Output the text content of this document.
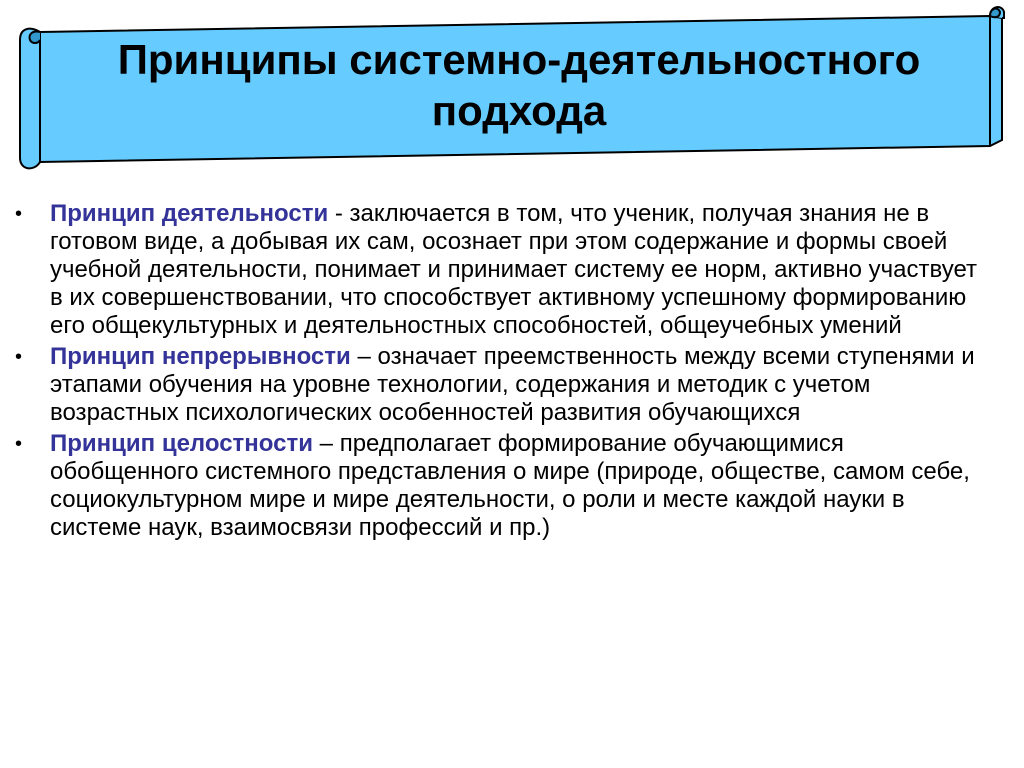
Принципы системно-деятельностного подхода
• Принцип деятельности - заключается в том, что ученик, получая знания не в готовом виде, а добывая их сам, осознает при этом содержание и формы своей учебной деятельности, понимает и принимает систему ее норм, активно участвует в их совершенствовании, что способствует активному успешному формированию его общекультурных и деятельностных способностей, общеучебных умений
• Принцип непрерывности – означает преемственность между всеми ступенями и этапами обучения на уровне технологии, содержания и методик с учетом возрастных психологических особенностей развития обучающихся
• Принцип целостности – предполагает формирование обучающимися обобщенного системного представления о мире (природе, обществе, самом себе, социокультурном мире и мире деятельности, о роли и месте каждой науки в системе наук, взаимосвязи профессий и пр.)
